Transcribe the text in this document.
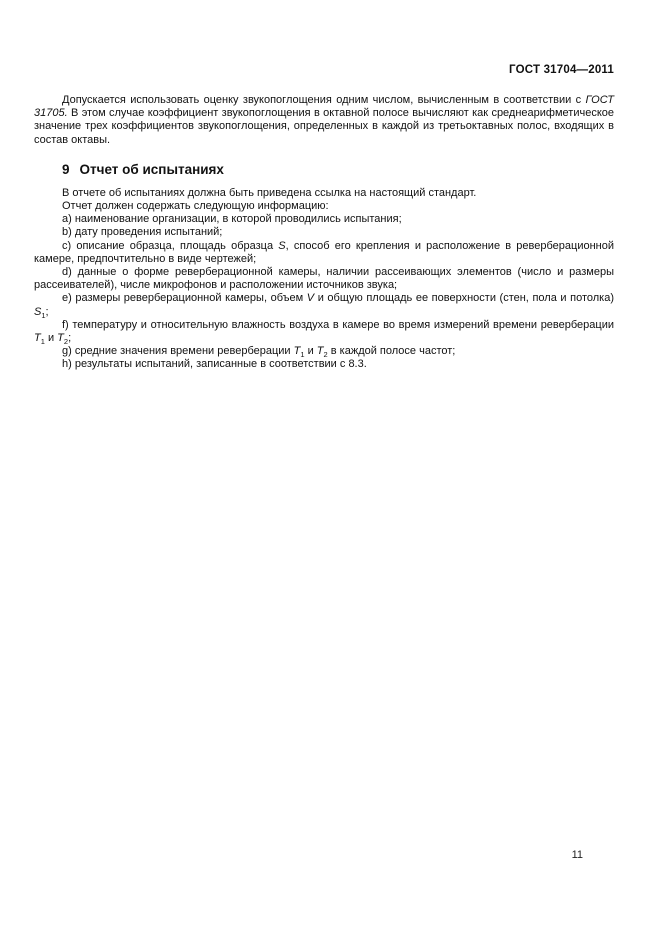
ГОСТ 31704—2011

Допускается использовать оценку звукопоглощения одним числом, вычисленным в соответствии с ГОСТ 31705. В этом случае коэффициент звукопоглощения в октавной полосе вычисляют как среднеарифметическое значение трех коэффициентов звукопоглощения, определенных в каждой из третьоктавных полос, входящих в состав октавы.

9 Отчет об испытаниях

В отчете об испытаниях должна быть приведена ссылка на настоящий стандарт.

Отчет должен содержать следующую информацию:

a) наименование организации, в которой проводились испытания;

b) дату проведения испытаний;

c) описание образца, площадь образца S, способ его крепления и расположение в реверберационной камере, предпочтительно в виде чертежей;

d) данные о форме реверберационной камеры, наличии рассеивающих элементов (число и размеры рассеивателей), числе микрофонов и расположении источников звука;

e) размеры реверберационной камеры, объем V и общую площадь ее поверхности (стен, пола и потолка) $S_1$;

f) температуру и относительную влажность воздуха в камере во время измерений времени реверберации $T_1$ и $T_2$;

g) средние значения времени реверберации $T_1$ и $T_2$ в каждой полосе частот;

h) результаты испытаний, записанные в соответствии с 8.3.

11
